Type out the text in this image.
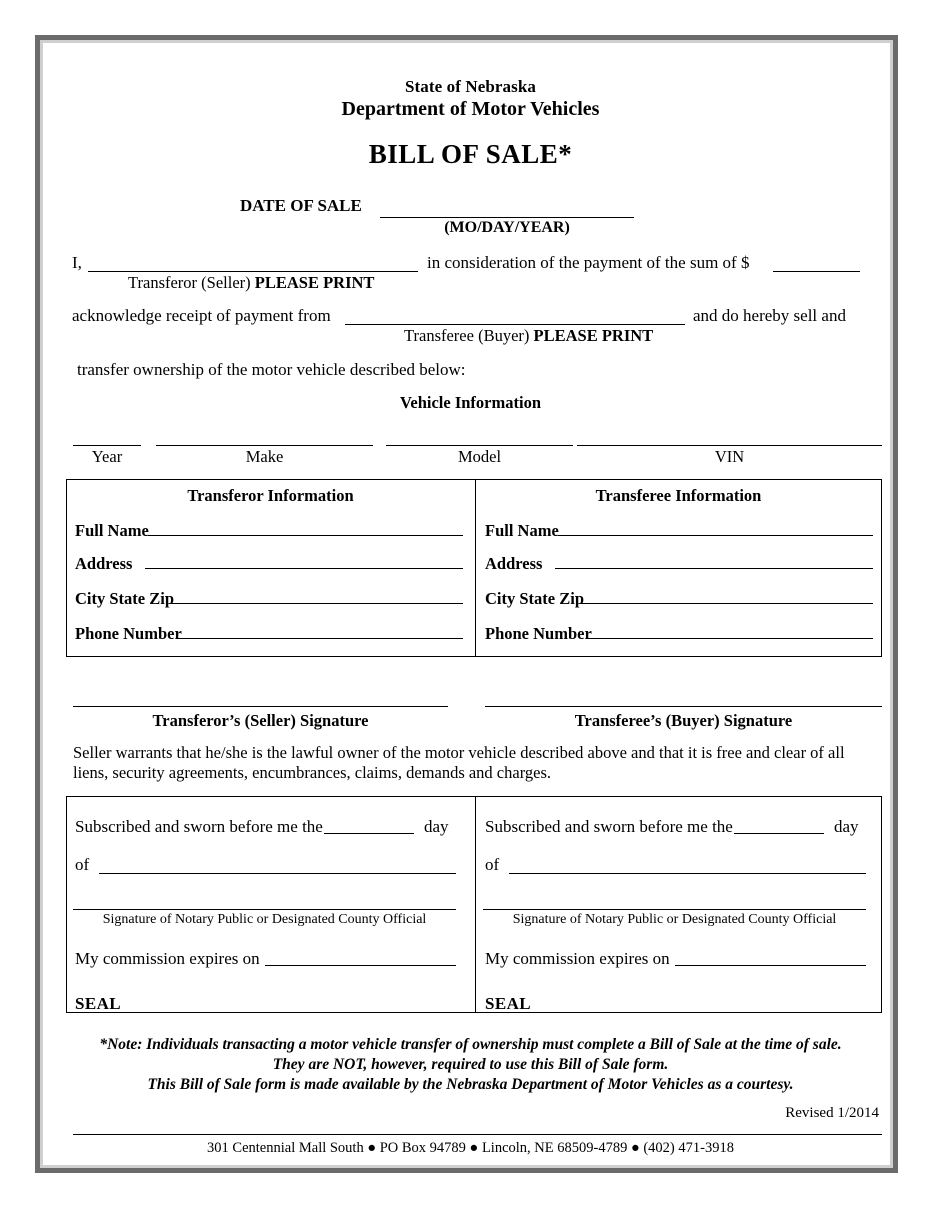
State of Nebraska
Department of Motor Vehicles
BILL OF SALE*
DATE OF SALE
(MO/DAY/YEAR)
I,
Transferor (Seller) PLEASE PRINT
in consideration of the payment of the sum of $
acknowledge receipt of payment from
Transferee (Buyer) PLEASE PRINT
and do hereby sell and
transfer ownership of the motor vehicle described below:
Vehicle Information
Year	Make	Model	VIN
Transferor Information
Full Name
Address
City State Zip
Phone Number
Transferee Information
Full Name
Address
City State Zip
Phone Number
Transferor’s (Seller) Signature	Transferee’s (Buyer) Signature
Seller warrants that he/she is the lawful owner of the motor vehicle described above and that it is free and clear of all
liens, security agreements, encumbrances, claims, demands and charges.
Subscribed and sworn before me the	day
of
Signature of Notary Public or Designated County Official
My commission expires on
SEAL
Subscribed and sworn before me the	day
of
Signature of Notary Public or Designated County Official
My commission expires on
SEAL
*Note: Individuals transacting a motor vehicle transfer of ownership must complete a Bill of Sale at the time of sale.
They are NOT, however, required to use this Bill of Sale form.
This Bill of Sale form is made available by the Nebraska Department of Motor Vehicles as a courtesy.
Revised 1/2014
301 Centennial Mall South ● PO Box 94789 ● Lincoln, NE 68509-4789 ● (402) 471-3918
